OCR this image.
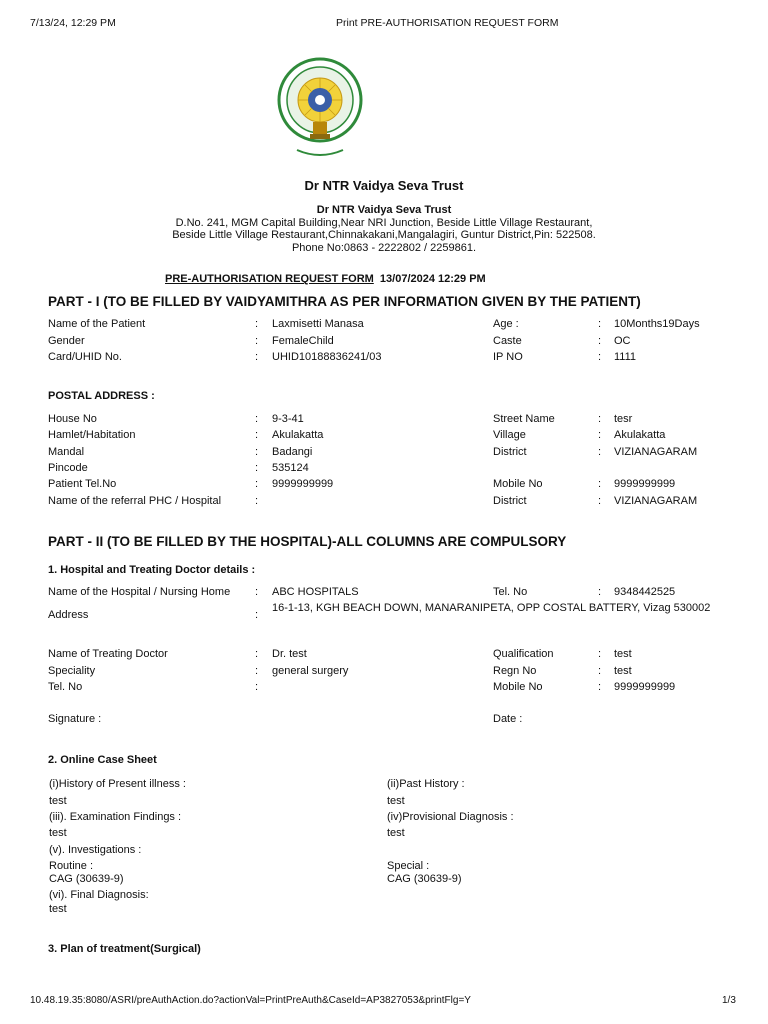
7/13/24, 12:29 PM	Print PRE-AUTHORISATION REQUEST FORM
Dr NTR Vaidya Seva Trust
Dr NTR Vaidya Seva Trust
D.No. 241, MGM Capital Building,Near NRI Junction, Beside Little Village Restaurant,
Beside Little Village Restaurant,Chinnakakani,Mangalagiri, Guntur District,Pin: 522508.
Phone No:0863 - 2222802 / 2259861.
PRE-AUTHORISATION REQUEST FORM 13/07/2024 12:29 PM
PART - I (TO BE FILLED BY VAIDYAMITHRA AS PER INFORMATION GIVEN BY THE PATIENT)
Name of the Patient	: Laxmisetti Manasa	Age :	: 10Months19Days
Gender	: FemaleChild	Caste	: OC
Card/UHID No.	: UHID10188836241/03	IP NO	: 1111
POSTAL ADDRESS :
House No	: 9-3-41	Street Name	: tesr
Hamlet/Habitation	: Akulakatta	Village	: Akulakatta
Mandal	: Badangi	District	: VIZIANAGARAM
Pincode	: 535124
Patient Tel.No	: 9999999999	Mobile No	: 9999999999
Name of the referral PHC / Hospital	:	District	: VIZIANAGARAM
PART - II (TO BE FILLED BY THE HOSPITAL)-ALL COLUMNS ARE COMPULSORY
1. Hospital and Treating Doctor details :
Name of the Hospital / Nursing Home : ABC HOSPITALS	Tel. No	: 9348442525
Address	:
16-1-13, KGH BEACH DOWN, MANARANIPETA, OPP COSTAL BATTERY, Vizag 530002
Name of Treating Doctor	: Dr. test	Qualification	: test
Speciality	: general surgery	Regn No	: test
Tel. No	:	Mobile No	: 9999999999
Signature :	Date :
2. Online Case Sheet
(i)History of Present illness :	(ii)Past History :
test	test
(iii). Examination Findings :	(iv)Provisional Diagnosis :
test	test
(v). Investigations :
Routine :	Special :
CAG (30639-9)	CAG (30639-9)
(vi). Final Diagnosis:
test
3. Plan of treatment(Surgical)
10.48.19.35:8080/ASRI/preAuthAction.do?actionVal=PrintPreAuth&CaseId=AP3827053&printFlg=Y	1/3
